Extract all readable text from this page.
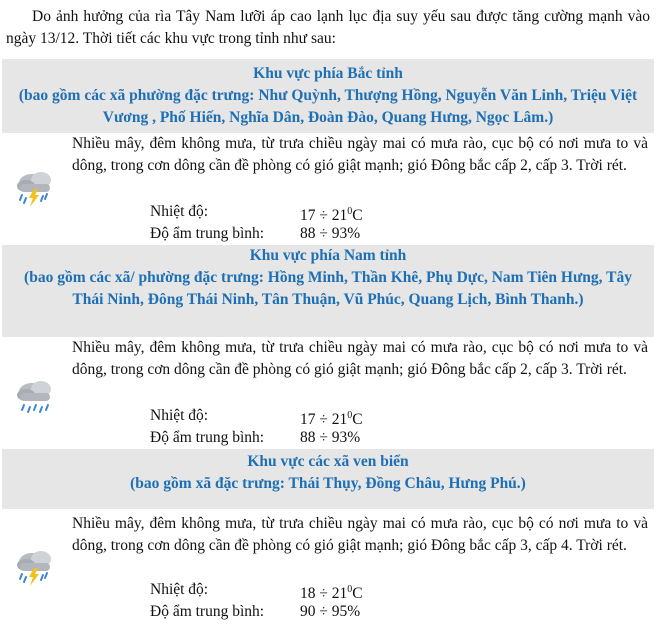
Do ảnh hưởng của rìa Tây Nam lưỡi áp cao lạnh lục địa suy yếu sau được tăng cường mạnh vào ngày 13/12. Thời tiết các khu vực trong tỉnh như sau:
Khu vực phía Bắc tỉnh
(bao gồm các xã phường đặc trưng: Như Quỳnh, Thượng Hồng, Nguyễn Văn Linh, Triệu Việt Vương , Phố Hiến, Nghĩa Dân, Đoàn Đào, Quang Hưng, Ngọc Lâm.)
Nhiều mây, đêm không mưa, từ trưa chiều ngày mai có mưa rào, cục bộ có nơi mưa to và dông, trong cơn dông cần đề phòng có gió giật mạnh; gió Đông bắc cấp 2, cấp 3. Trời rét.
Nhiệt độ:	$17 \div 21^0C$
Độ ẩm trung bình: 88 ÷ 93%
Khu vực phía Nam tỉnh
(bao gồm các xã/ phường đặc trưng: Hồng Minh, Thần Khê, Phụ Dực, Nam Tiên Hưng, Tây Thái Ninh, Đông Thái Ninh, Tân Thuận, Vũ Phúc, Quang Lịch, Bình Thanh.)
Nhiều mây, đêm không mưa, từ trưa chiều ngày mai có mưa rào, cục bộ có nơi mưa to và dông, trong cơn dông cần đề phòng có gió giật mạnh; gió Đông bắc cấp 2, cấp 3. Trời rét.
Nhiệt độ:	$17 \div 21^0C$
Độ ẩm trung bình: 88 ÷ 93%
Khu vực các xã ven biển
(bao gồm xã đặc trưng: Thái Thụy, Đồng Châu, Hưng Phú.)
Nhiều mây, đêm không mưa, từ trưa chiều ngày mai có mưa rào, cục bộ có nơi mưa to và dông, trong cơn dông cần đề phòng có gió giật mạnh; gió Đông bắc cấp 3, cấp 4. Trời rét.
Nhiệt độ:	$18 \div 21^0C$
Độ ẩm trung bình: 90 ÷ 95%
